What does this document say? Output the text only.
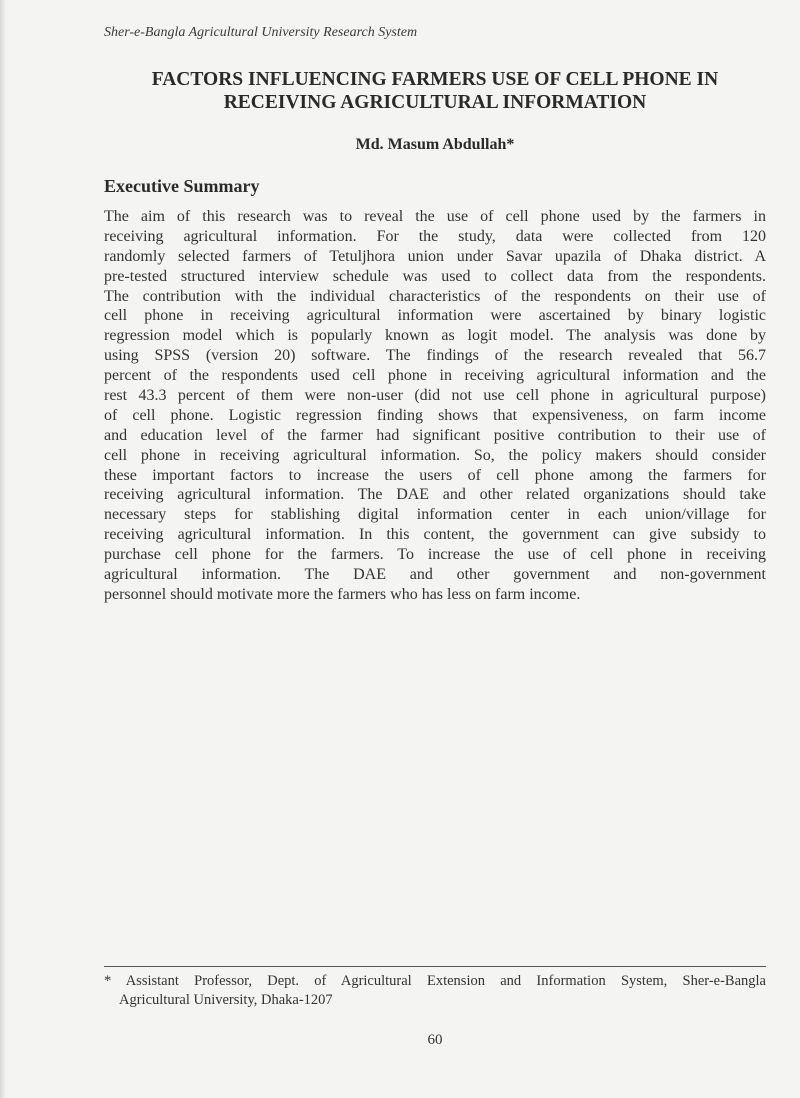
Sher-e-Bangla Agricultural University Research System
FACTORS INFLUENCING FARMERS USE OF CELL PHONE IN
RECEIVING AGRICULTURAL INFORMATION
Md. Masum Abdullah*
Executive Summary
The aim of this research was to reveal the use of cell phone used by the farmers in
receiving agricultural information. For the study, data were collected from 120
randomly selected farmers of Tetuljhora union under Savar upazila of Dhaka district. A
pre-tested structured interview schedule was used to collect data from the respondents.
The contribution with the individual characteristics of the respondents on their use of
cell phone in receiving agricultural information were ascertained by binary logistic
regression model which is popularly known as logit model. The analysis was done by
using SPSS (version 20) software. The findings of the research revealed that 56.7
percent of the respondents used cell phone in receiving agricultural information and the
rest 43.3 percent of them were non-user (did not use cell phone in agricultural purpose)
of cell phone. Logistic regression finding shows that expensiveness, on farm income
and education level of the farmer had significant positive contribution to their use of
cell phone in receiving agricultural information. So, the policy makers should consider
these important factors to increase the users of cell phone among the farmers for
receiving agricultural information. The DAE and other related organizations should take
necessary steps for stablishing digital information center in each union/village for
receiving agricultural information. In this content, the government can give subsidy to
purchase cell phone for the farmers. To increase the use of cell phone in receiving
agricultural information. The DAE and other government and non-government
personnel should motivate more the farmers who has less on farm income.
* Assistant Professor, Dept. of Agricultural Extension and Information System, Sher-e-Bangla
Agricultural University, Dhaka-1207
60
